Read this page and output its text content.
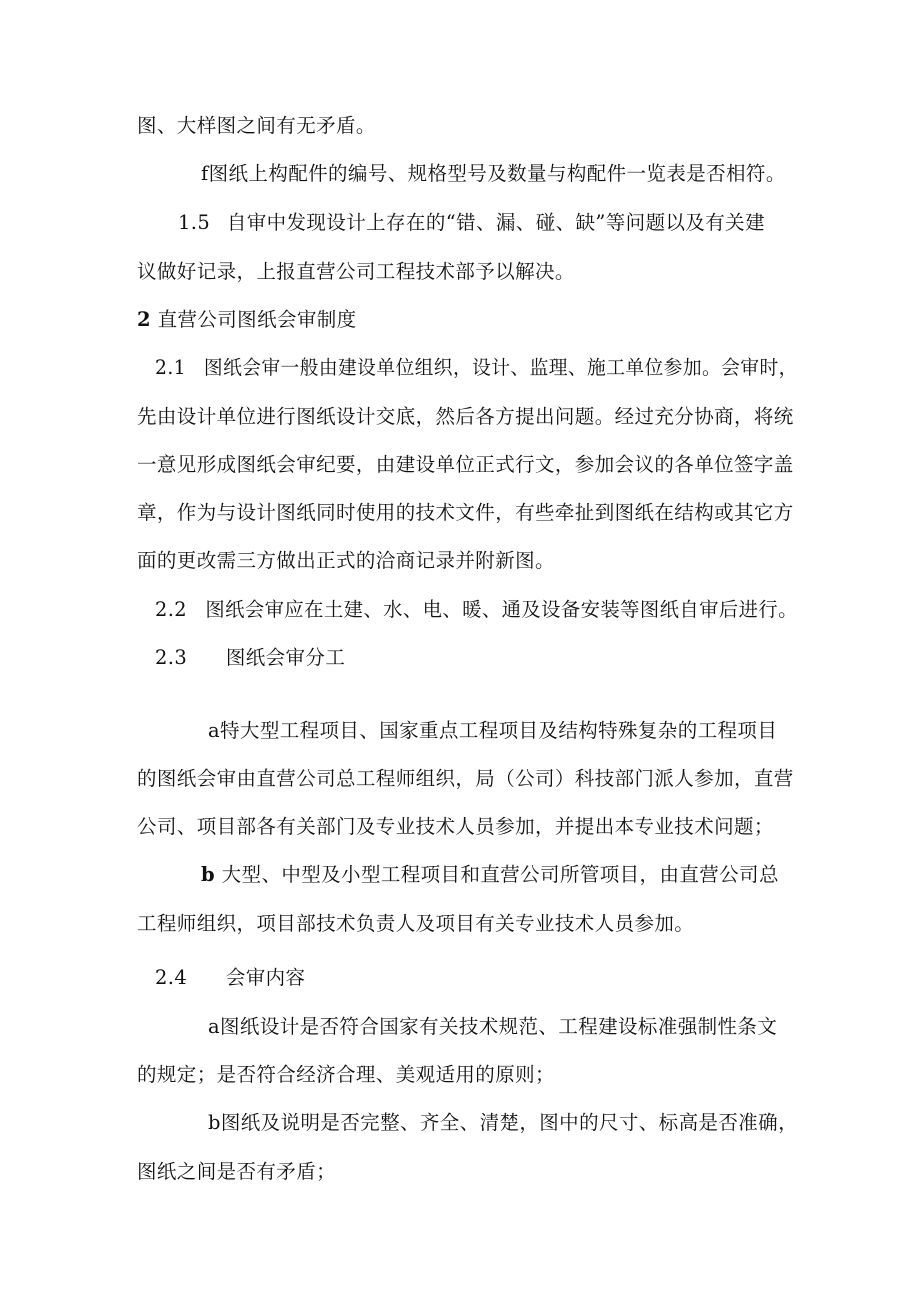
图、大样图之间有无矛盾。
f图纸上构配件的编号、规格型号及数量与构配件一览表是否相符。
1.5 自审中发现设计上存在的“错、漏、碰、缺”等问题以及有关建
议做好记录，上报直营公司工程技术部予以解决。
2 直营公司图纸会审制度
2.1 图纸会审一般由建设单位组织，设计、监理、施工单位参加。会审时，
先由设计单位进行图纸设计交底，然后各方提出问题。经过充分协商，将统
一意见形成图纸会审纪要，由建设单位正式行文，参加会议的各单位签字盖
章，作为与设计图纸同时使用的技术文件，有些牵扯到图纸在结构或其它方
面的更改需三方做出正式的洽商记录并附新图。
2.2 图纸会审应在土建、水、电、暖、通及设备安装等图纸自审后进行。
2.3 图纸会审分工
a特大型工程项目、国家重点工程项目及结构特殊复杂的工程项目
的图纸会审由直营公司总工程师组织，局（公司）科技部门派人参加，直营
公司、项目部各有关部门及专业技术人员参加，并提出本专业技术问题；
b 大型、中型及小型工程项目和直营公司所管项目，由直营公司总
工程师组织，项目部技术负责人及项目有关专业技术人员参加。
2.4 会审内容
a图纸设计是否符合国家有关技术规范、工程建设标准强制性条文
的规定；是否符合经济合理、美观适用的原则；
b图纸及说明是否完整、齐全、清楚，图中的尺寸、标高是否准确，
图纸之间是否有矛盾；
